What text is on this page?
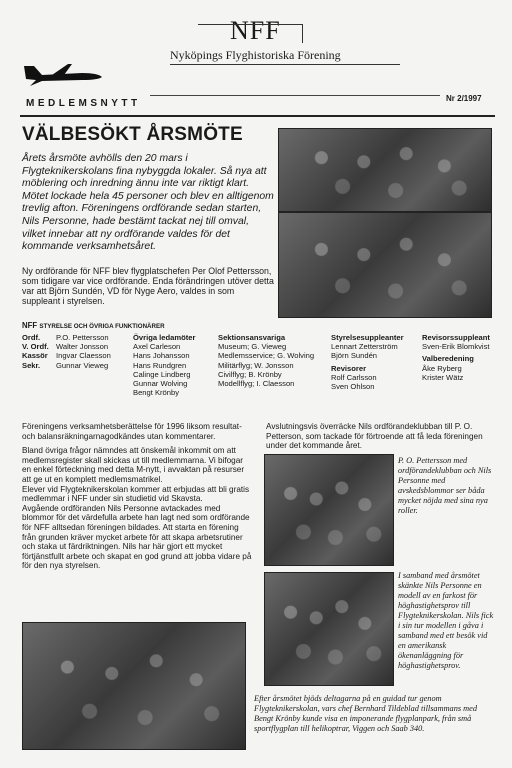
NFF
Nyköpings Flyghistoriska Förening
MEDLEMSNYTT	Nr 2/1997
VÄLBESÖKT ÅRSMÖTE
Årets årsmöte avhölls den 20 mars i Flygteknikerskolans fina nybyggda lokaler. Så nya att möblering och inredning ännu inte var riktigt klart. Mötet lockade hela 45 personer och blev en alltigenom trevlig afton. Föreningens ordförande sedan starten, Nils Personne, hade bestämt tackat nej till omval, vilket innebar att ny ordförande valdes för det kommande verksamhetsåret.
Ny ordförande för NFF blev flygplatschefen Per Olof Pettersson, som tidigare var vice ordförande. Enda förändringen utöver detta var att Björn Sundén, VD för Nyge Aero, valdes in som suppleant i styrelsen.
NFF STYRELSE OCH ÖVRIGA FUNKTIONÄRER
Ordf. P.O. Pettersson
V. Ordf. Walter Jonsson
Kassör Ingvar Claesson
Sekr. Gunnar Vieweg
Övriga ledamöter
Axel Carleson
Hans Johansson
Hans Rundgren
Calinge Lindberg
Gunnar Wolving
Bengt Krönby
Sektionsansvariga
Museum; G. Vieweg
Medlemsservice; G. Wolving
Militärflyg; W. Jonsson
Civilflyg; B. Krönby
Modellflyg; I. Claesson
Styrelsesuppleanter
Lennart Zetterström
Björn Sundén
Revisorer
Rolf Carlsson
Sven Ohlson
Revisorssuppleant
Sven-Erik Blomkvist
Valberedening
Åke Ryberg
Krister Wätz
Föreningens verksamhetsberättelse för 1996 liksom resultat- och balansräkningarnagodkändes utan kommentarer.
Bland övriga frågor nämndes att önskemål inkommit om att medlemsregister skall skickas ut till medlemmarna. Vi bifogar en enkel förteckning med detta M-nytt, i avvaktan på resurser att ge ut en komplett medlemsmatrikel.
Elever vid Flygteknikerskolan kommer att erbjudas att bli gratis medlemmar i NFF under sin studietid vid Skavsta.
Avgående ordföranden Nils Personne avtackades med blommor för det värdefulla arbete han lagt ned som ordförande för NFF alltsedan föreningen bildades. Att starta en förening från grunden kräver mycket arbete för att skapa arbetsrutiner och staka ut färdriktningen. Nils har här gjort ett mycket förtjänstfullt arbete och skapat en god grund att jobba vidare på för den nya styrelsen.
Avslutningsvis överräcke Nils ordförandeklubban till P. O. Petterson, som tackade för förtroende att få leda föreningen under det kommande året.
P. O. Pettersson med ordförandeklubban och Nils Personne med avskedsblommor ser båda mycket nöjda med sina nya roller.
I samband med årsmötet skänkte Nils Personne en modell av en farkost för höghastighetsprov till Flygteknikerskolan. Nils fick i sin tur modellen i gåva i samband med ett besök vid en amerikansk ökenanläggning för höghastighetsprov.
Efter årsmötet bjöds deltagarna på en guidad tur genom Flygteknikerskolan, vars chef Bernhard Tildeblad tillsammans med Bengt Krönby kunde visa en imponerande flygplanpark, från små sportflygplan till helikoptrar, Viggen och Saab 340.
